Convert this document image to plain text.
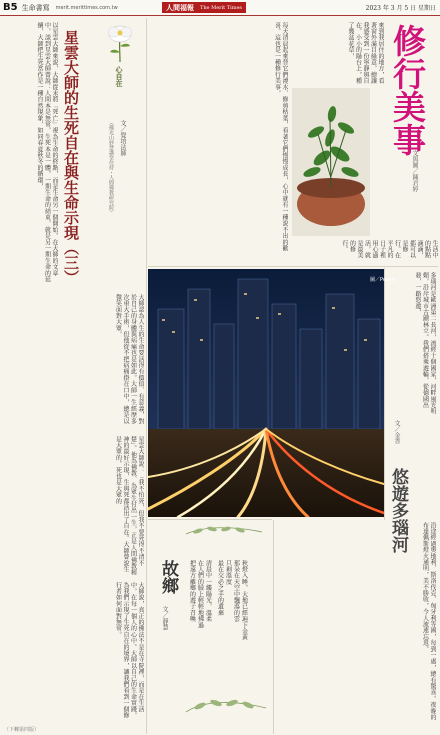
B5 生命書寫 merit.merittimes.com.tw	人間福報 The Merit Times	2023 年 3 月 5 日 星期日
心自在
星雲大師的生死自在與生命示現（三）	文／覺培法師
（佛光山妙慧講堂住持・人間佛教研究院）
以星雲大師來說，大師從未將『死亡』視為生命的終點，而是生命另一個開始。在大師的文章中，談到星雲大師曾說：人間本是無常，生死本是一體，一期生命的結束，就是另一期生命的延續，大師把生死當作是一種自然現象，如同春夏秋冬的循環，
大師認為人生的生命要活得有價值、有意義，對於自己的身體與病痛也是如此。大師一生經歷多次重大手術，但他從不把病痛掛在口中，總是以微笑面對大眾，
星雲大師說：「我不怕死，但我不要死得不清不楚」。他為佛教、為眾生付出一生，正是人間佛教精神的最好示現，生與死都活出了自在。大師曾說生是大眾的，死也是大眾的
大師說，真正的佛法不是在寺院裡，而是在生活中，在每一個人的心中。大師以自己的生命實踐，為我們示現了生死自在的境界，讓我們看到一個修行者如何面對無常。
修行美事
文與圖／陳君婷
來到我居住的地方，看著窗外滿目綠意，總讓我感受到一份寧靜與自在。小小的陽台上，種了幾盆花草，
每天清晨起來替它們澆水、修剪枯葉，看著它們慢慢成長，心中就有一種說不出的歡喜。這也是一種修行美事，
生活中的點點滴滴，都可以是修行。在平凡的日子裡用心過活，就是最美的修行。
圖／Pexels
悠遊多瑙河
文／金香
多瑙河是歐洲第二長河，流經十個國家，河畔風光明媚，沿岸城市古蹟林立。我們搭乘遊輪，從德國出發，一路悠遊，
沿途經過奧地利、斯洛伐克、匈牙利等國，每到一處，總有驚喜。夜晚的布達佩斯燈火通明，美不勝收，令人流連忘返。
故鄉
文／靜慧	秋燈入睡，大地已經遍下金黃
那朵在天空中飄蕩的雲
只剩溫度
最在交必之手的遺棄
清晨中一縷陽光，溫柔
在人們的臉上輕輕地拂過
把遠方離鄉的遊子召喚
（下轉第四版）
